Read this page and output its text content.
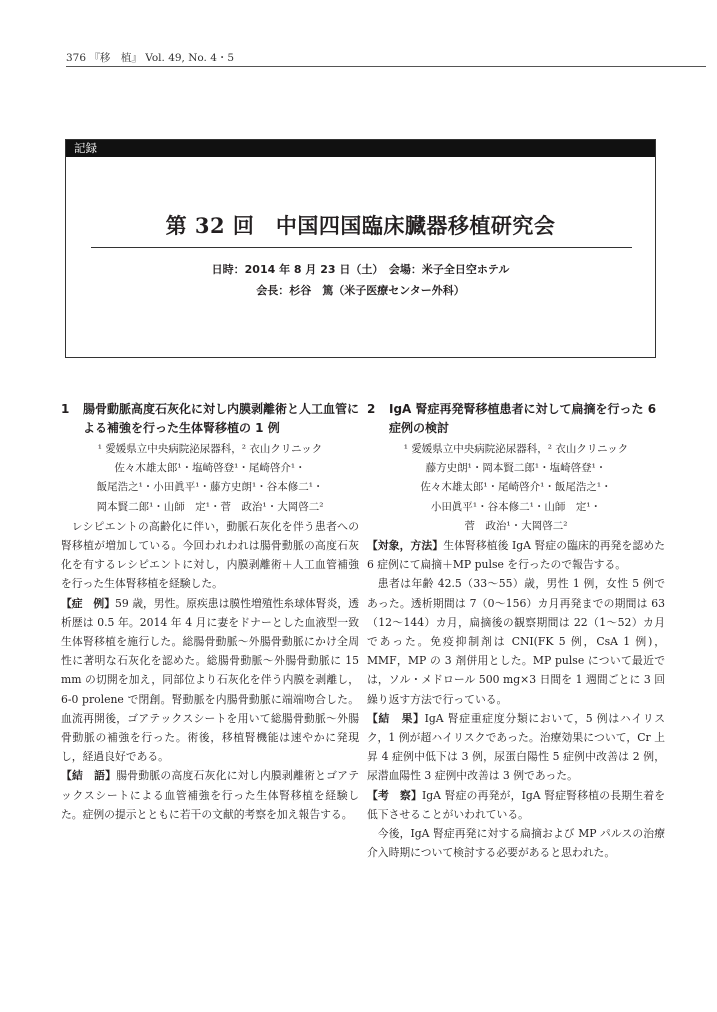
376 『移　植』 Vol. 49, No. 4・5
記録
第 32 回　中国四国臨床臓器移植研究会
日時：2014 年 8 月 23 日（土）　会場：米子全日空ホテル
会長：杉谷　篤（米子医療センター外科）
1 腸骨動脈高度石灰化に対し内膜剥離術と人工血管による補強を行った生体腎移植の 1 例

¹ 愛媛県立中央病院泌尿器科，² 衣山クリニック

佐々木雄太郎¹・塩崎啓登¹・尾崎啓介¹・

飯尾浩之¹・小田眞平¹・藤方史朗¹・谷本修二¹・

岡本賢二郎¹・山師　定¹・菅　政治¹・大岡啓二²

レシピエントの高齢化に伴い，動脈石灰化を伴う患者への腎移植が増加している。今回われわれは腸骨動脈の高度石灰化を有するレシピエントに対し，内膜剥離術＋人工血管補強を行った生体腎移植を経験した。

【症　例】59 歳，男性。原疾患は膜性増殖性糸球体腎炎，透析歴は 0.5 年。2014 年 4 月に妻をドナーとした血液型一致生体腎移植を施行した。総腸骨動脈～外腸骨動脈にかけ全周性に著明な石灰化を認めた。総腸骨動脈～外腸骨動脈に 15 mm の切開を加え，同部位より石灰化を伴う内膜を剥離し，6-0 prolene で閉創。腎動脈を内腸骨動脈に端端吻合した。血流再開後，ゴアテックスシートを用いて総腸骨動脈～外腸骨動脈の補強を行った。術後，移植腎機能は速やかに発現し，経過良好である。

【結　語】腸骨動脈の高度石灰化に対し内膜剥離術とゴアテックスシートによる血管補強を行った生体腎移植を経験した。症例の提示とともに若干の文献的考察を加え報告する。

2 IgA 腎症再発腎移植患者に対して扁摘を行った 6 症例の検討

¹ 愛媛県立中央病院泌尿器科，² 衣山クリニック

藤方史朗¹・岡本賢二郎¹・塩崎啓登¹・

佐々木雄太郎¹・尾崎啓介¹・飯尾浩之¹・

小田眞平¹・谷本修二¹・山師　定¹・

菅　政治¹・大岡啓二²

【対象，方法】生体腎移植後 IgA 腎症の臨床的再発を認めた 6 症例にて扁摘＋MP pulse を行ったので報告する。

患者は年齢 42.5（33～55）歳，男性 1 例，女性 5 例であった。透析期間は 7（0～156）カ月再発までの期間は 63（12～144）カ月，扁摘後の観察期間は 22（1～52）カ月であった。免疫抑制剤は CNI(FK 5 例，CsA 1 例)，MMF，MP の 3 剤併用とした。MP pulse について最近では，ソル・メドロール 500 mg×3 日間を 1 週間ごとに 3 回繰り返す方法で行っている。

【結　果】IgA 腎症重症度分類において，5 例はハイリスク，1 例が超ハイリスクであった。治療効果について，Cr 上昇 4 症例中低下は 3 例，尿蛋白陽性 5 症例中改善は 2 例，尿潜血陽性 3 症例中改善は 3 例であった。

【考　察】IgA 腎症の再発が，IgA 腎症腎移植の長期生着を低下させることがいわれている。

今後，IgA 腎症再発に対する扁摘および MP パルスの治療介入時期について検討する必要があると思われた。
